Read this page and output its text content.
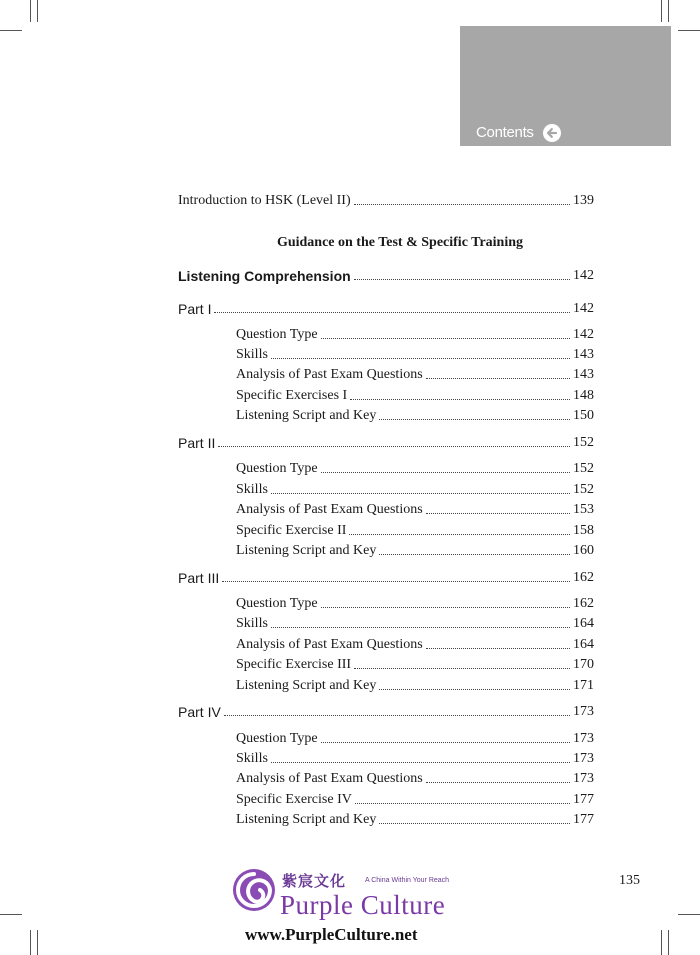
Contents
Introduction to HSK (Level II)	139
Guidance on the Test & Specific Training
Listening Comprehension	142
Part I	142
Question Type	142
Skills	143
Analysis of Past Exam Questions	143
Specific Exercises I	148
Listening Script and Key	150
Part II	152
Question Type	152
Skills	152
Analysis of Past Exam Questions	153
Specific Exercise II	158
Listening Script and Key	160
Part III	162
Question Type	162
Skills	164
Analysis of Past Exam Questions	164
Specific Exercise III	170
Listening Script and Key	171
Part IV	173
Question Type	173
Skills	173
Analysis of Past Exam Questions	173
Specific Exercise IV	177
Listening Script and Key	177
135
紫宸文化	A China Within Your Reach
Purple Culture
www.PurpleCulture.net
